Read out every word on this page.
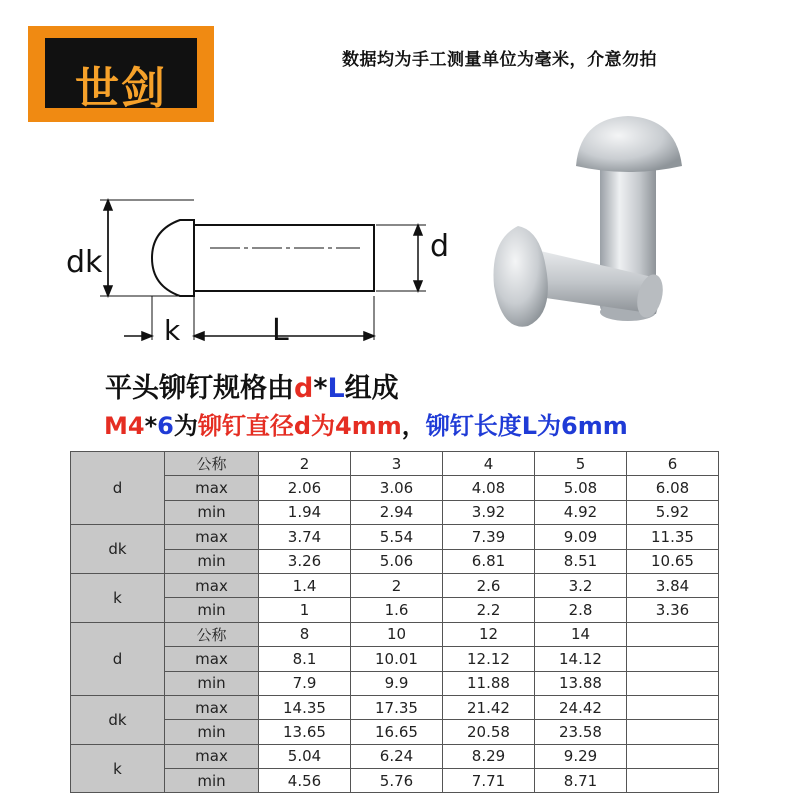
世剑
数据均为手工测量单位为毫米，介意勿拍
dk	d
k	L
平头铆钉规格由d*L组成
M4*6为铆钉直径d为4mm，铆钉长度L为6mm
d	公称	2	3	4	5	6
	max	2.06	3.06	4.08	5.08	6.08
	min	1.94	2.94	3.92	4.92	5.92
dk	max	3.74	5.54	7.39	9.09	11.35
	min	3.26	5.06	6.81	8.51	10.65
k	max	1.4	2	2.6	3.2	3.84
	min	1	1.6	2.2	2.8	3.36
d	公称	8	10	12	14	
	max	8.1	10.01	12.12	14.12	
	min	7.9	9.9	11.88	13.88	
dk	max	14.35	17.35	21.42	24.42	
	min	13.65	16.65	20.58	23.58	
k	max	5.04	6.24	8.29	9.29	
	min	4.56	5.76	7.71	8.71	
